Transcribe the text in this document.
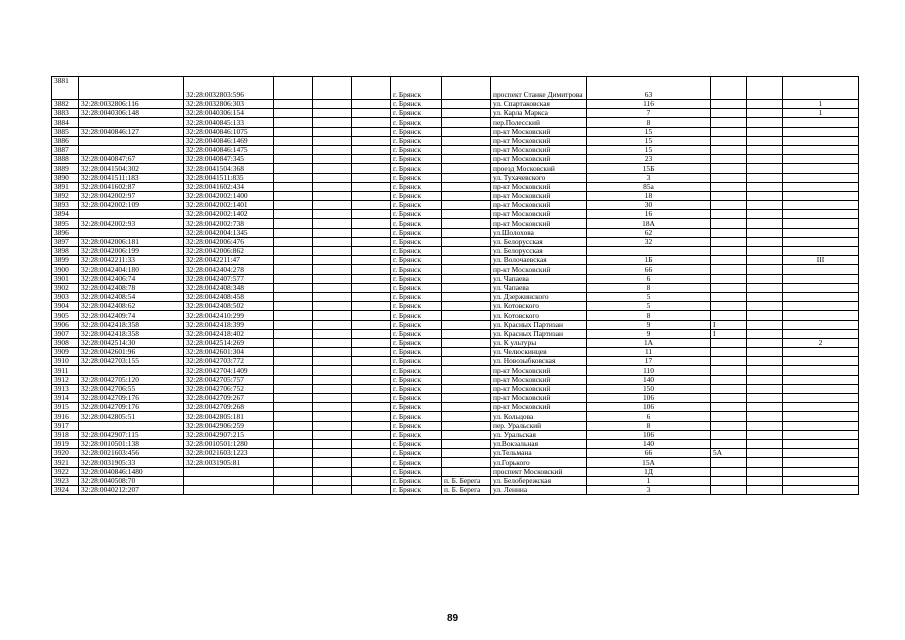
3881		32:28:0032803:596				г. Брянск		проспект Станке Димитрова	63			
3882	32:28:0032806:116	32:28:0032806:303				г. Брянск		ул. Спартаковская	116			1
3883	32:28:0040306:148	32:28:0040306:154				г. Брянск		ул. Карла Маркса	7			1
3884		32:28:0040845:133				г. Брянск		пер.Полесский	8			
3885	32:28:0040846:127	32:28:0040846:1075				г. Брянск		пр-кт Московский	15			
3886		32:28:0040846:1469				г. Брянск		пр-кт Московский	15			
3887		32:28:0040846:1475				г. Брянск		пр-кт Московский	15			
3888	32:28:0040847:67	32:28:0040847:345				г. Брянск		пр-кт Московский	23			
3889	32:28:0041504:302	32:28:0041504:368				г. Брянск		проезд Московский	15Б			
3890	32:28:0041511:183	32:28:0041511:835				г. Брянск		ул. Тухачевского	3			
3891	32:28:0041602:87	32:28:0041602:434				г. Брянск		пр-кт Московский	85а			
3892	32:28:0042002:97	32:28:0042002:1400				г. Брянск		пр-кт Московский	18			
3893	32:28:0042002:109	32:28:0042002:1401				г. Брянск		пр-кт Московский	30			
3894		32:28:0042002:1402				г. Брянск		пр-кт Московский	16			
3895	32:28:0042002:93	32:28:0042002:738				г. Брянск		пр-кт Московский	18А			
3896		32:28:0042004:1345				г. Брянск		ул.Шолохова	62			
3897	32:28:0042006:181	32:28:0042006:476				г. Брянск		ул. Белорусская	32			
3898	32:28:0042006:199	32:28:0042006:862				г. Брянск		ул. Белорусская				
3899	32:28:0042211:33	32:28:0042211:47				г. Брянск		ул. Волочаевская	1Б			III
3900	32:28:0042404:180	32:28:0042404:278				г. Брянск		пр-кт Московский	66			
3901	32:28:0042406:74	32:28:0042407:577				г. Брянск		ул. Чапаева	6			
3902	32:28:0042408:78	32:28:0042408:348				г. Брянск		ул. Чапаева	8			
3903	32:28:0042408:54	32:28:0042408:458				г. Брянск		ул. Дзержинского	5			
3904	32:28:0042408:62	32:28:0042408:502				г. Брянск		ул. Котовского	5			
3905	32:28:0042409:74	32:28:0042410:299				г. Брянск		ул. Котовского	8			
3906	32:28:0042418:358	32:28:0042418:399				г. Брянск		ул. Красных Партизан	9	I		
3907	32:28:0042418:358	32:28:0042418:402				г. Брянск		ул. Красных Партизан	9	I		
3908	32:28:0042514:30	32:28:0042514:269				г. Брянск		ул. К ультуры	1А			2
3909	32:28:0042601:96	32:28:0042601:304				г. Брянск		ул. Челюскинцев	11			
3910	32:28:0042703:155	32:28:0042703:772				г. Брянск		ул. Новозыбковская	17			
3911		32:28:0042704:1409				г. Брянск		пр-кт Московский	110			
3912	32:28:0042705:120	32:28:0042705:757				г. Брянск		пр-кт Московский	140			
3913	32:28:0042706:55	32:28:0042706:752				г. Брянск		пр-кт Московский	150			
3914	32:28:0042709:176	32:28:0042709:267				г. Брянск		пр-кт Московский	106			
3915	32:28:0042709:176	32:28:0042709:268				г. Брянск		пр-кт Московский	106			
3916	32:28:0042805:51	32:28:0042805:181				г. Брянск		ул. Кольцова	6			
3917		32:28:0042906:259				г. Брянск		пер. Уральский	8			
3918	32:28:0042907:115	32:28:0042907:215				г. Брянск		ул. Уральская	106			
3919	32:28:0010501:138	32:28:0010501:1280				г. Брянск		ул.Вокзальная	140			
3920	32:28:0021603:456	32:28:0021603:1223				г. Брянск		ул.Тельмана	66	5А		
3921	32:28:0031905:33	32:28:0031905:81				г. Брянск		ул.Горького	15А			
3922	32:28:0040846:1480					г. Брянск		проспект Московский	1Д			
3923	32:28:0040508:70					г. Брянск	п. Б. Берега	ул. Белобережская	1			
3924	32:28:0040212:207					г. Брянск	п. Б. Берега	ул. Ленина	3			
89
